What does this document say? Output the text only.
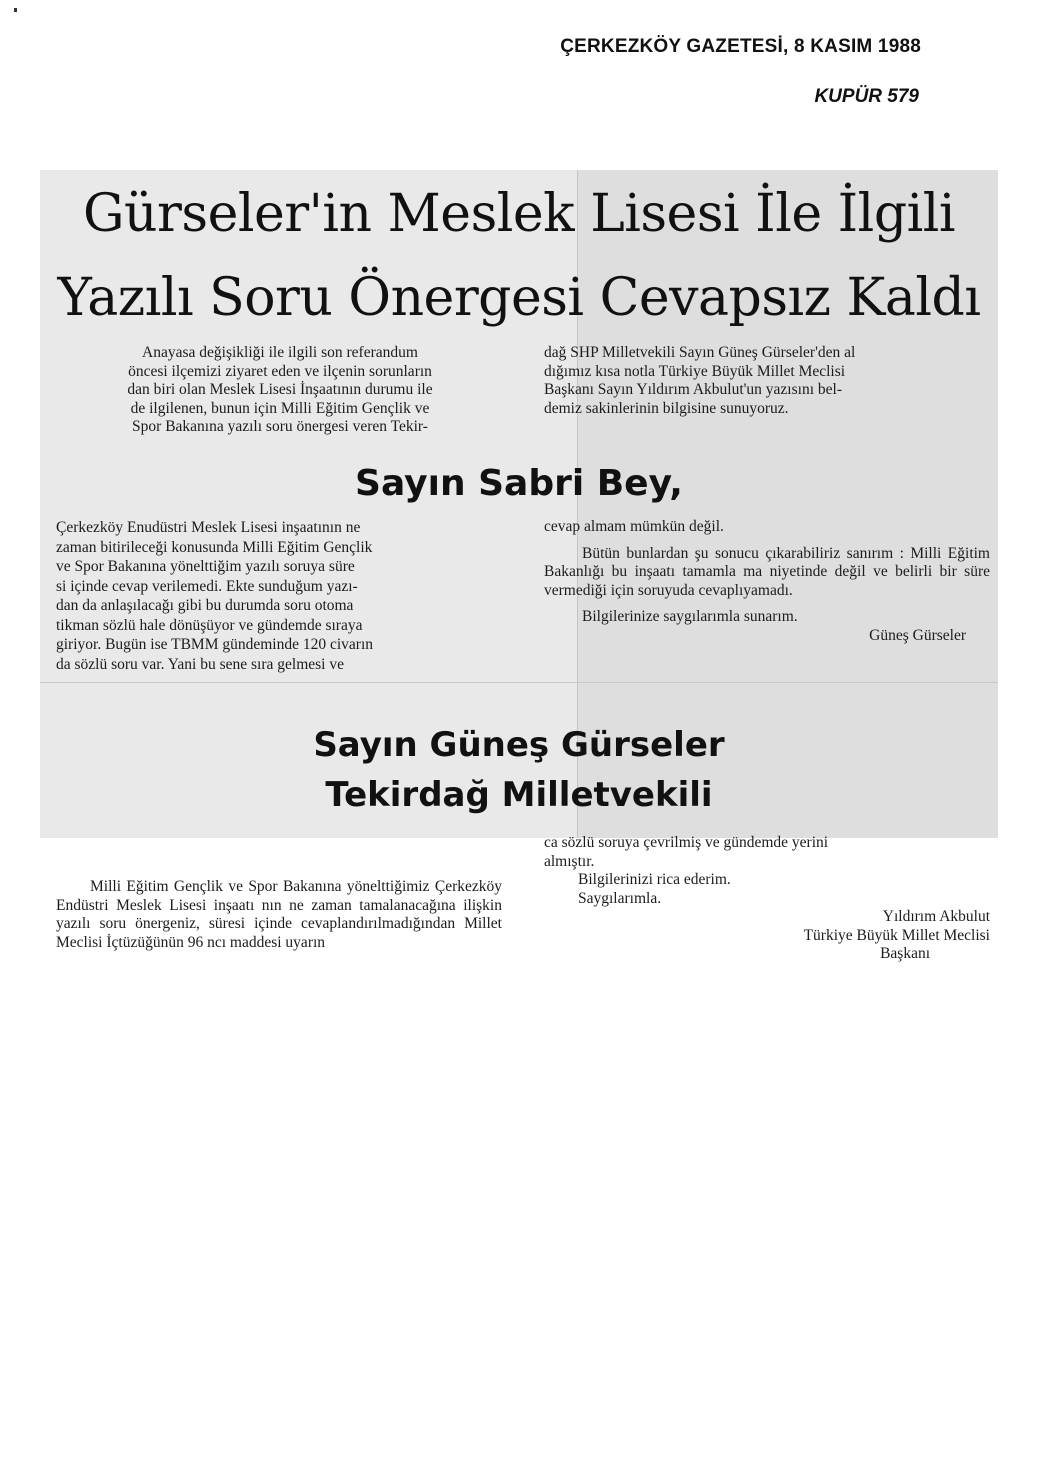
ÇERKEZKÖY GAZETESİ, 8 KASIM 1988
KUPÜR 579
Gürseler'in Meslek Lisesi İle İlgili
Yazılı Soru Önergesi Cevapsız Kaldı

Anayasa değişikliği ile ilgili son referandum

öncesi ilçemizi ziyaret eden ve ilçenin sorunların

dan biri olan Meslek Lisesi İnşaatının durumu ile

de ilgilenen, bunun için Milli Eğitim Gençlik ve

Spor Bakanına yazılı soru önergesi veren Tekir-

dağ SHP Milletvekili Sayın Güneş Gürseler'den al

dığımız kısa notla Türkiye Büyük Millet Meclisi

Başkanı Sayın Yıldırım Akbulut'un yazısını bel-

demiz sakinlerinin bilgisine sunuyoruz.

Sayın Sabri Bey,

Çerkezköy Enudüstri Meslek Lisesi inşaatının ne

zaman bitirileceği konusunda Milli Eğitim Gençlik

ve Spor Bakanına yönelttiğim yazılı soruya süre

si içinde cevap verilemedi. Ekte sunduğum yazı-

dan da anlaşılacağı gibi bu durumda soru otoma

tikman sözlü hale dönüşüyor ve gündemde sıraya

giriyor. Bugün ise TBMM gündeminde 120 civarın

da sözlü soru var. Yani bu sene sıra gelmesi ve

cevap almam mümkün değil.

Bütün bunlardan şu sonucu çıkarabiliriz sanırım : Milli Eğitim Bakanlığı bu inşaatı tamamla ma niyetinde değil ve belirli bir süre vermediği için soruyuda cevaplıyamadı.

Bilgilerinize saygılarımla sunarım.

Güneş Gürseler

Sayın Güneş Gürseler
Tekirdağ Milletvekili

ca sözlü soruya çevrilmiş ve gündemde yerini

almıştır.

Bilgilerinizi rica ederim.

Saygılarımla.

Yıldırım Akbulut

Türkiye Büyük Millet Meclisi

Başkanı

Milli Eğitim Gençlik ve Spor Bakanına yönelttiğimiz Çerkezköy Endüstri Meslek Lisesi inşaatı nın ne zaman tamalanacağına ilişkin yazılı soru önergeniz, süresi içinde cevaplandırılmadığından Millet Meclisi İçtüzüğünün 96 ncı maddesi uyarın
